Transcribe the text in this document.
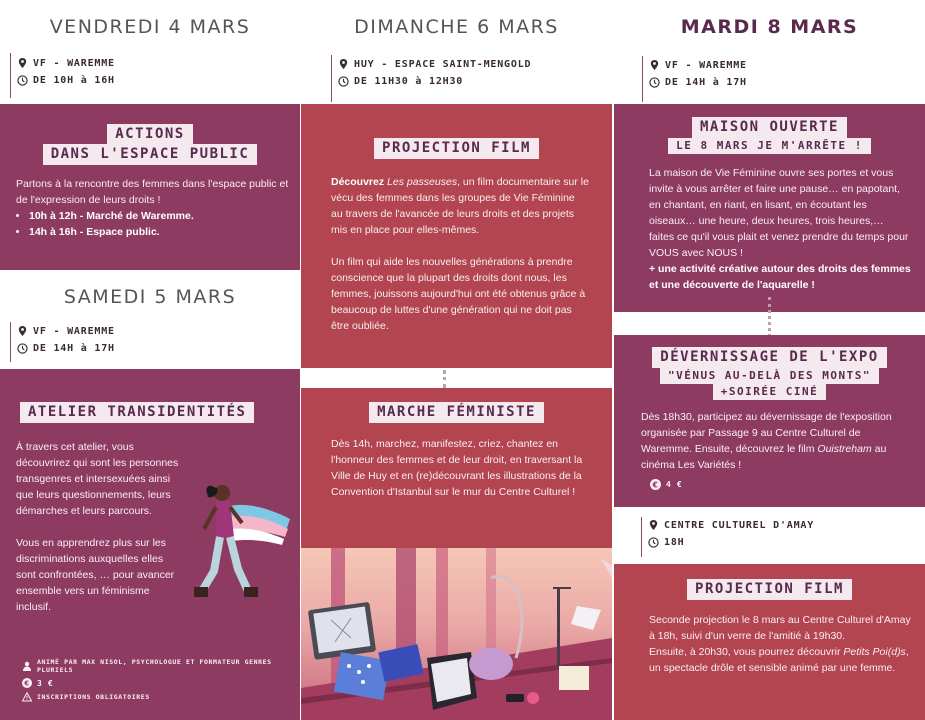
VENDREDI 4 MARS
VF - WAREMME
DE 10H à 16H
ACTIONS
DANS L'ESPACE PUBLIC

Partons à la rencontre des femmes dans l'espace public et de l'expression de leurs droits !

• 10h à 12h - Marché de Waremme.
• 14h à 16h - Espace public.
SAMEDI 5 MARS
VF - WAREMME
DE 14H à 17H
ATELIER TRANSIDENTITÉS

À travers cet atelier, vous découvrirez qui sont les personnes transgenres et intersexuées ainsi que leurs questionnements, leurs démarches et leurs parcours.

Vous en apprendrez plus sur les discriminations auxquelles elles sont confrontées, … pour avancer ensemble vers un féminisme inclusif.

ANIMÉ PAR MAX NISOL, PSYCHOLOGUE ET FORMATEUR GENRES PLURIELS
€ 3 €
INSCRIPTIONS OBLIGATOIRES
DIMANCHE 6 MARS
HUY - ESPACE SAINT-MENGOLD
DE 11H30 à 12H30
PROJECTION FILM

Découvrez Les passeuses, un film documentaire sur le vécu des femmes dans les groupes de Vie Féminine au travers de l'avancée de leurs droits et des projets mis en place pour elles-mêmes.

Un film qui aide les nouvelles générations à prendre conscience que la plupart des droits dont nous, les femmes, jouissons aujourd'hui ont été obtenus grâce à beaucoup de luttes d'une génération qui ne doit pas être oubliée.

MARCHE FÉMINISTE
Dès 14h, marchez, manifestez, criez, chantez en l'honneur des femmes et de leur droit, en traversant la Ville de Huy et en (re)découvrant les illustrations de la Convention d'Istanbul sur le mur du Centre Culturel !
MARDI 8 MARS
VF - WAREMME
DE 14H à 17H
MAISON OUVERTE
LE 8 MARS JE M'ARRÊTE !

La maison de Vie Féminine ouvre ses portes et vous invite à vous arrêter et faire une pause… en papotant, en chantant, en riant, en lisant, en écoutant les oiseaux… une heure, deux heures, trois heures,… faites ce qu'il vous plait et venez prendre du temps pour VOUS avec NOUS !

+ une activité créative autour des droits des femmes et une découverte de l'aquarelle !

DÉVERNISSAGE DE L'EXPO
"VÉNUS AU-DELÀ DES MONTS"
+SOIRÉE CINÉ

Dès 18h30, participez au dévernissage de l'exposition organisée par Passage 9 au Centre Culturel de Waremme. Ensuite, découvrez le film Ouistreham au cinéma Les Variétés !

€ 4 €
CENTRE CULTUREL D'AMAY
18H
PROJECTION FILM

Seconde projection le 8 mars au Centre Culturel d'Amay à 18h, suivi d'un verre de l'amitié à 19h30.

Ensuite, à 20h30, vous pourrez découvrir Petits Poi(d)s, un spectacle drôle et sensible animé par une femme.
